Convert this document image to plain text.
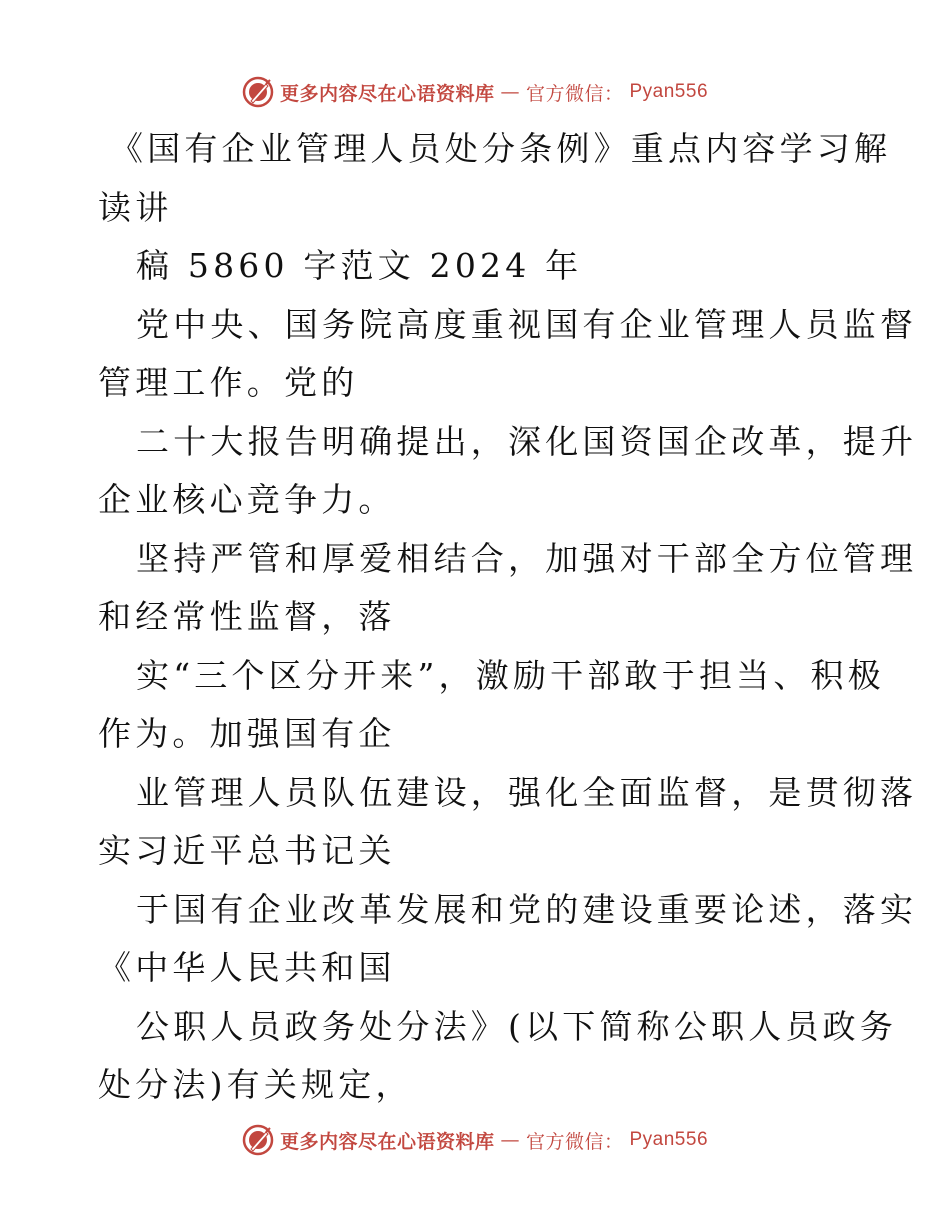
更多内容尽在心语资料库 — 官方微信： Pyan556
《国有企业管理人员处分条例》重点内容学习解
读讲
稿 5860 字范文 2024 年
党中央、国务院高度重视国有企业管理人员监督
管理工作。党的
二十大报告明确提出，深化国资国企改革，提升
企业核心竞争力。
坚持严管和厚爱相结合，加强对干部全方位管理
和经常性监督，落
实“三个区分开来”，激励干部敢于担当、积极
作为。加强国有企
业管理人员队伍建设，强化全面监督，是贯彻落
实习近平总书记关
于国有企业改革发展和党的建设重要论述，落实
《中华人民共和国
公职人员政务处分法》(以下简称公职人员政务
处分法)有关规定，
更多内容尽在心语资料库 — 官方微信： Pyan556
